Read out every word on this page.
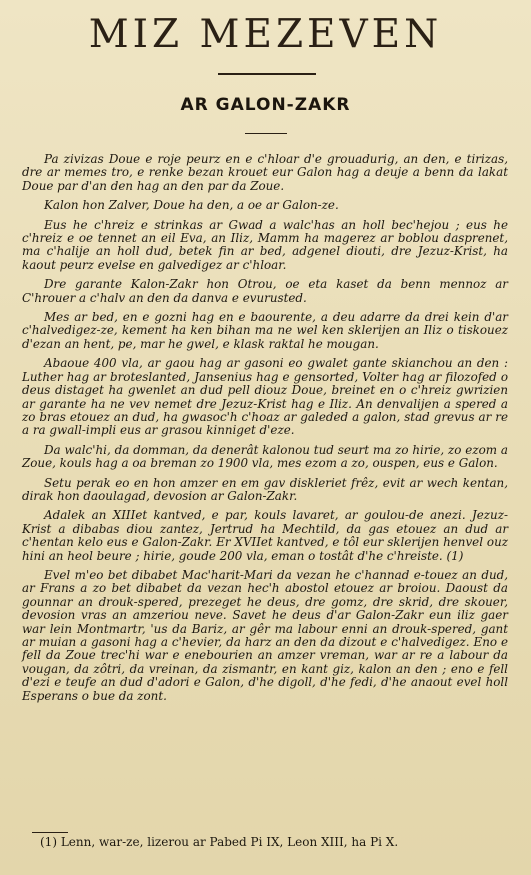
MIZ MEZEVEN
AR GALON-ZAKR

Pa zivizas Doue e roje peurz en e c'hloar d'e grouadurig, an den, e tirizas, dre ar memes tro, e renke bezan krouet eur Galon hag a deuje a benn da lakat Doue par d'an den hag an den par da Zoue.

Kalon hon Zalver, Doue ha den, a oe ar Galon-ze.

Eus he c'hreiz e strinkas ar Gwad a walc'has an holl bec'hejou ; eus he c'hreiz e oe tennet an eil Eva, an Iliz, Mamm ha magerez ar boblou dasprenet, ma c'halije an holl dud, betek fin ar bed, adgenel diouti, dre Jezuz-Krist, ha kaout peurz evelse en galvedigez ar c'hloar.

Dre garante Kalon-Zakr hon Otrou, oe eta kaset da benn mennoz ar C'hrouer a c'halv an den da danva e evurusted.

Mes ar bed, en e gozni hag en e baourente, a deu adarre da drei kein d'ar c'halvedigez-ze, kement ha ken bihan ma ne wel ken sklerijen an Iliz o tiskouez d'ezan an hent, pe, mar he gwel, e klask raktal he mougan.

Abaoue 400 vla, ar gaou hag ar gasoni eo gwalet gante skianchou an den : Luther hag ar broteslanted, Jansenius hag e gensorted, Volter hag ar filozofed o deus distaget ha gwenlet an dud pell diouz Doue, breinet en o c'hreiz gwrizien ar garante ha ne vev nemet dre Jezuz-Krist hag e Iliz. An denvalijen a spered a zo bras etouez an dud, ha gwasoc'h c'hoaz ar galeded a galon, stad grevus ar re a ra gwall-impli eus ar grasou kinniget d'eze.

Da walc'hi, da domman, da denerât kalonou tud seurt ma zo hirie, zo ezom a Zoue, kouls hag a oa breman zo 1900 vla, mes ezom a zo, ouspen, eus e Galon.

Setu perak eo en hon amzer en em gav diskleriet frêz, evit ar wech kentan, dirak hon daoulagad, devosion ar Galon-Zakr.

Adalek an XIIIet kantved, e par, kouls lavaret, ar goulou-de anezi. Jezuz-Krist a dibabas diou zantez, Jertrud ha Mechtild, da gas etouez an dud ar c'hentan kelo eus e Galon-Zakr. Er XVIIet kantved, e tôl eur sklerijen henvel ouz hini an heol beure ; hirie, goude 200 vla, eman o tostât d'he c'hreiste. (1)

Evel m'eo bet dibabet Mac'harit-Mari da vezan he c'hannad e-touez an dud, ar Frans a zo bet dibabet da vezan hec'h abostol etouez ar broiou. Daoust da gounnar an drouk-spered, prezeget he deus, dre gomz, dre skrid, dre skouer, devosion vras an amzeriou neve. Savet he deus d'ar Galon-Zakr eun iliz gaer war lein Montmartr, 'us da Bariz, ar gêr ma labour enni an drouk-spered, gant ar muian a gasoni hag a c'hevier, da harz an den da dizout e c'halvedigez. Eno e fell da Zoue trec'hi war e enebourien an amzer vreman, war ar re a labour da vougan, da zôtri, da vreinan, da zismantr, en kant giz, kalon an den ; eno e fell d'ezi e teufe an dud d'adori e Galon, d'he digoll, d'he fedi, d'he anaout evel holl Esperans o bue da zont.

(1) Lenn, war-ze, lizerou ar Pabed Pi IX, Leon XIII, ha Pi X.
